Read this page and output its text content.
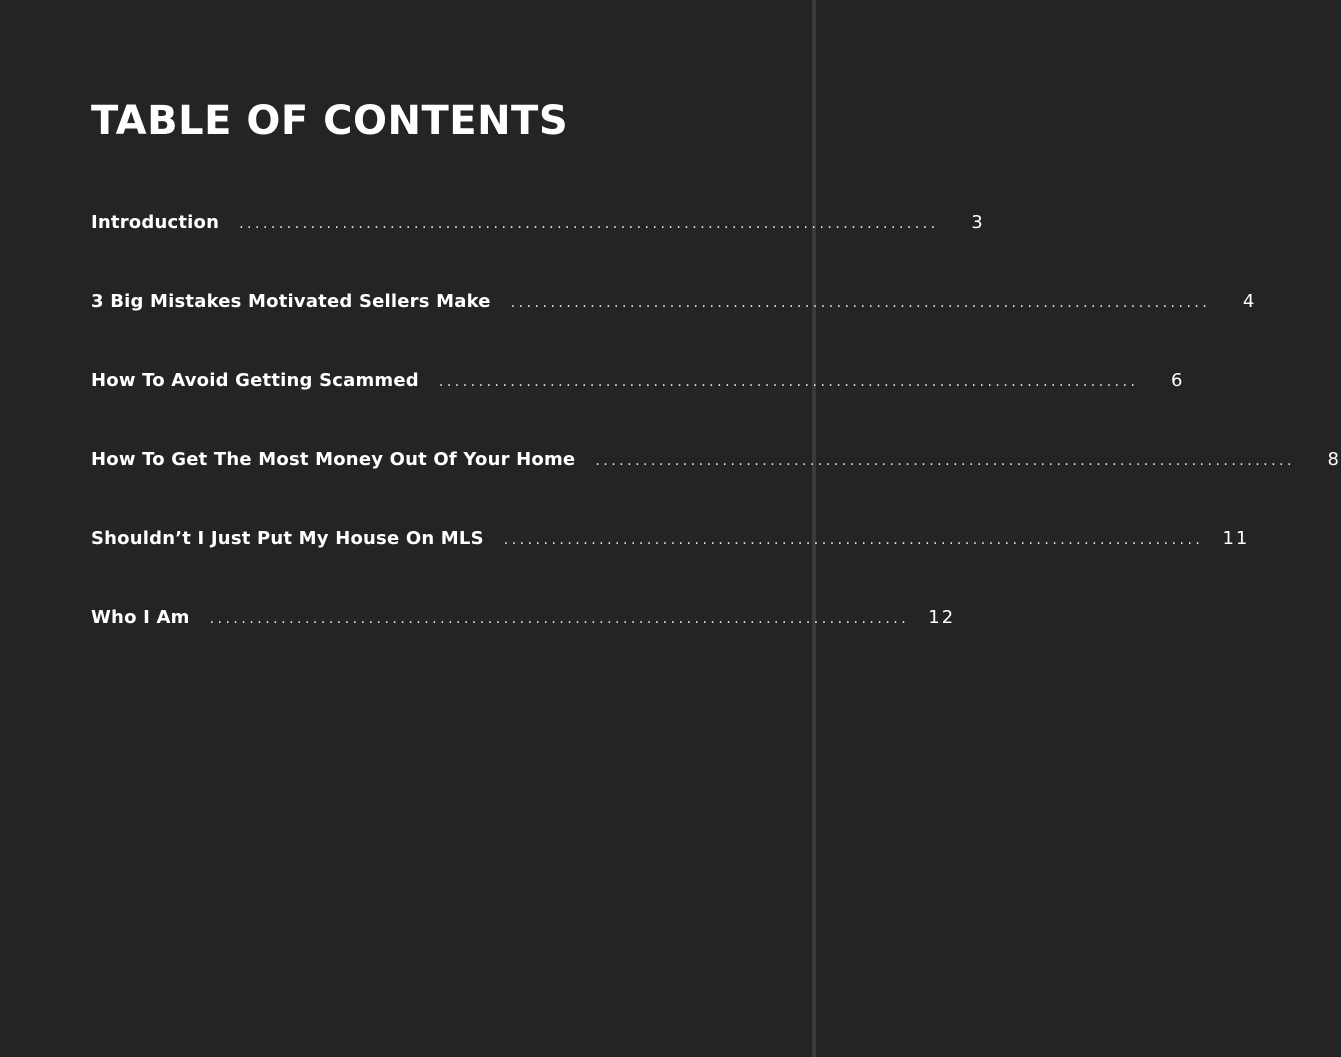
TABLE OF CONTENTS
Introduction ........................................................................................	3
3 Big Mistakes Motivated Sellers Make ........................................................................................	4
How To Avoid Getting Scammed ........................................................................................	6
How To Get The Most Money Out Of Your Home ........................................................................................	8
Shouldn’t I Just Put My House On MLS ........................................................................................ 11
Who I Am ........................................................................................ 12
